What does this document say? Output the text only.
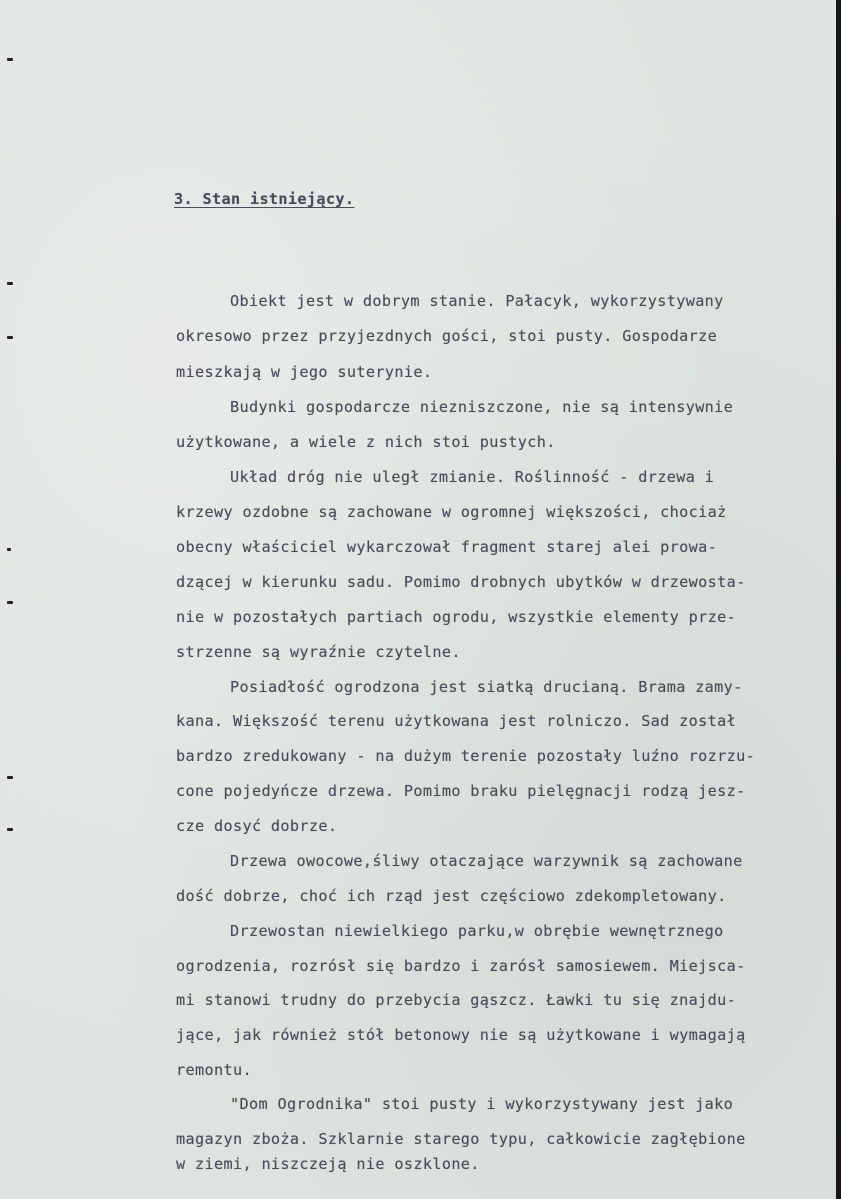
3. Stan istniejący.

Obiekt jest w dobrym stanie. Pałacyk, wykorzystywany

okresowo przez przyjezdnych gości, stoi pusty. Gospodarze

mieszkają w jego suterynie.

Budynki gospodarcze niezniszczone, nie są intensywnie

użytkowane, a wiele z nich stoi pustych.

Układ dróg nie uległ zmianie. Roślinność - drzewa i

krzewy ozdobne są zachowane w ogromnej większości, chociaż

obecny właściciel wykarczował fragment starej alei prowa-

dzącej w kierunku sadu. Pomimo drobnych ubytków w drzewosta-

nie w pozostałych partiach ogrodu, wszystkie elementy prze-

strzenne są wyraźnie czytelne.

Posiadłość ogrodzona jest siatką drucianą. Brama zamy-

kana. Większość terenu użytkowana jest rolniczo. Sad został

bardzo zredukowany - na dużym terenie pozostały luźno rozrzu-

cone pojedyńcze drzewa. Pomimo braku pielęgnacji rodzą jesz-

cze dosyć dobrze.

Drzewa owocowe,śliwy otaczające warzywnik są zachowane

dość dobrze, choć ich rząd jest częściowo zdekompletowany.

Drzewostan niewielkiego parku,w obrębie wewnętrznego

ogrodzenia, rozrósł się bardzo i zarósł samosiewem. Miejsca-

mi stanowi trudny do przebycia gąszcz. Ławki tu się znajdu-

jące, jak również stół betonowy nie są użytkowane i wymagają

remontu.

"Dom Ogrodnika" stoi pusty i wykorzystywany jest jako

magazyn zboża. Szklarnie starego typu, całkowicie zagłębione

w ziemi, niszczeją nie oszklone.
